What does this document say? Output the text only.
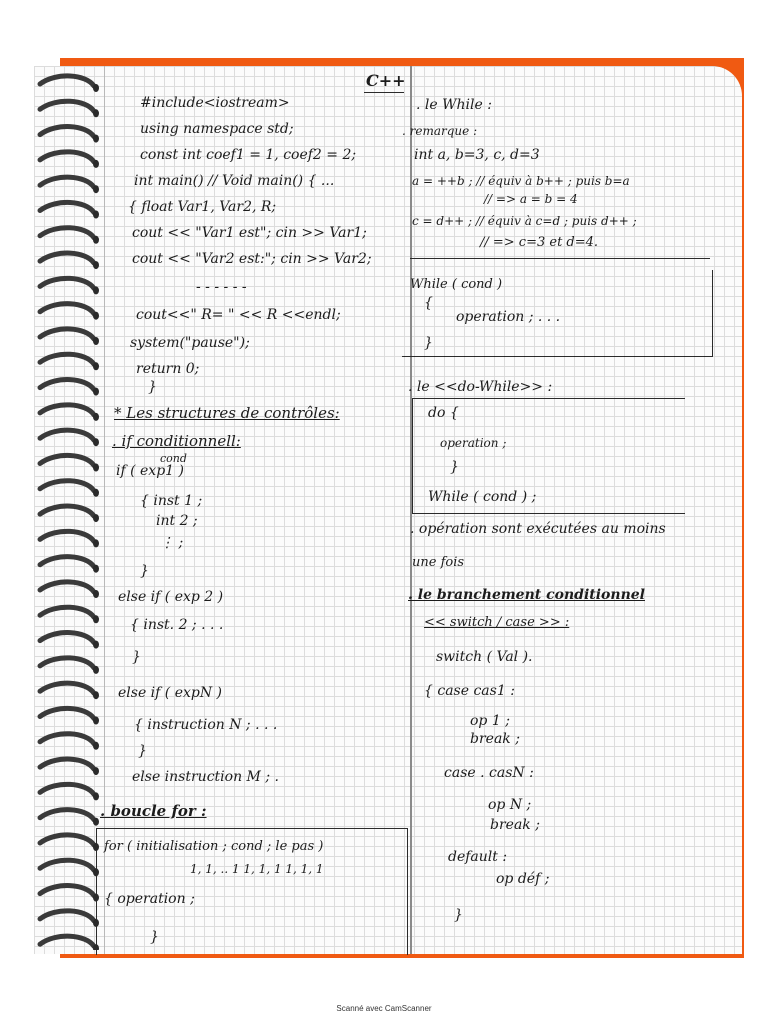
C++
#include<iostream>
using namespace std;
const int coef1 = 1, coef2 = 2;
int main() // Void main() { ...
{ float Var1, Var2, R;
cout << "Var1 est"; cin >> Var1;
cout << "Var2 est:"; cin >> Var2;
- - - - - -
cout<<" R= " << R <<endl;
system("pause");
return 0;
}
* Les structures de contrôles:
. if conditionnell:
cond
if ( exp1 )
{ inst 1 ;
int 2 ;
⋮ ;
}
else if ( exp 2 )
{ inst. 2 ; . . .
}
else if ( expN )
{ instruction N ; . . .
}
else instruction M ; .
. boucle for :
for ( initialisation ; cond ; le pas )
1, 1, .. 1 1, 1, 1 1, 1, 1
{ operation ;
}
. le While :
. remarque :
int a, b=3, c, d=3
a = ++b ; // équiv à b++ ; puis b=a
// => a = b = 4
c = d++ ; // équiv à c=d ; puis d++ ;
// => c=3 et d=4.
While ( cond )
{
operation ; . . .
}
. le <<do-While>> :
do {
operation ;
}
While ( cond ) ;
. opération sont exécutées au moins
une fois
. le branchement conditionnel
<< switch / case >> :
switch ( Val ).
{ case cas1 :
op 1 ;
break ;
case . casN :
op N ;
break ;
default :
op déf ;
}
Scanné avec CamScanner
